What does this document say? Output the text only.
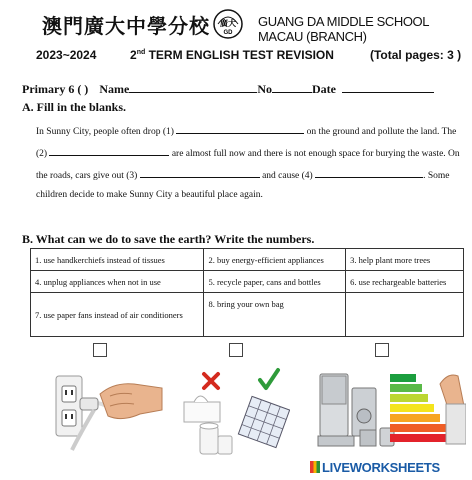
澳門廣大中學分校 廣大
GD
GUANG DA MIDDLE SCHOOL MACAU (BRANCH)
2023~2024	2nd TERM ENGLISH TEST REVISION	(Total pages: 3 )
Primary 6 ( ) Name	No	Date
A. Fill in the blanks.
In Sunny City, people often drop (1)	on the ground and pollute the land. The
(2)	are almost full now and there is not enough space for burying the waste. On
the roads, cars give out (3)	and cause (4)	. Some
children decide to make Sunny City a beautiful place again.
B. What can we do to save the earth? Write the numbers.
1. use handkerchiefs instead of tissues	2. buy energy-efficient appliances	3. help plant more trees
4. unplug appliances when not in use	5. recycle paper, cans and bottles	6. use rechargeable batteries
7. use paper fans instead of air conditioners	8. bring your own bag	
LIVEWORKSHEETS
